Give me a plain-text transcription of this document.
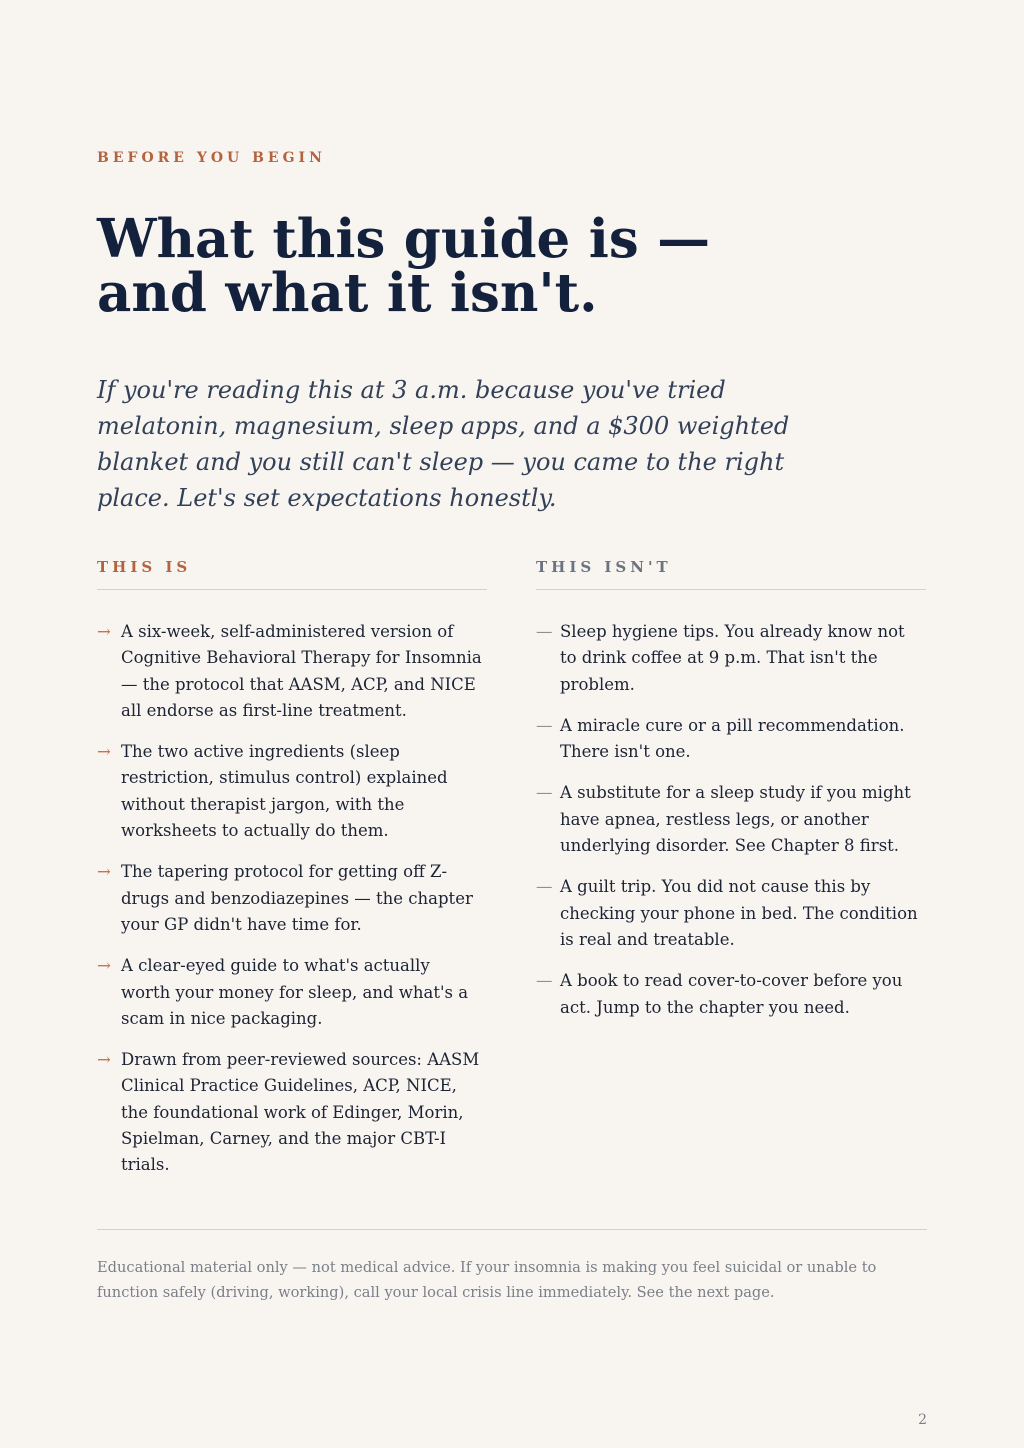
BEFORE YOU BEGIN
What this guide is —
and what it isn't.

If you're reading this at 3 a.m. because you've tried melatonin, magnesium, sleep apps, and a $300 weighted blanket and you still can't sleep — you came to the right place. Let's set expectations honestly.

THIS IS
→ A six-week, self-administered version of Cognitive Behavioral Therapy for Insomnia — the protocol that AASM, ACP, and NICE all endorse as first-line treatment.
→ The two active ingredients (sleep restriction, stimulus control) explained without therapist jargon, with the worksheets to actually do them.
→ The tapering protocol for getting off Z-drugs and benzodiazepines — the chapter your GP didn't have time for.
→ A clear-eyed guide to what's actually worth your money for sleep, and what's a scam in nice packaging.
→ Drawn from peer-reviewed sources: AASM Clinical Practice Guidelines, ACP, NICE, the foundational work of Edinger, Morin, Spielman, Carney, and the major CBT-I trials.
THIS ISN'T
— Sleep hygiene tips. You already know not to drink coffee at 9 p.m. That isn't the problem.
— A miracle cure or a pill recommendation. There isn't one.
— A substitute for a sleep study if you might have apnea, restless legs, or another underlying disorder. See Chapter 8 first.
— A guilt trip. You did not cause this by checking your phone in bed. The condition is real and treatable.
— A book to read cover-to-cover before you act. Jump to the chapter you need.

Educational material only — not medical advice. If your insomnia is making you feel suicidal or unable to function safely (driving, working), call your local crisis line immediately. See the next page.

2
